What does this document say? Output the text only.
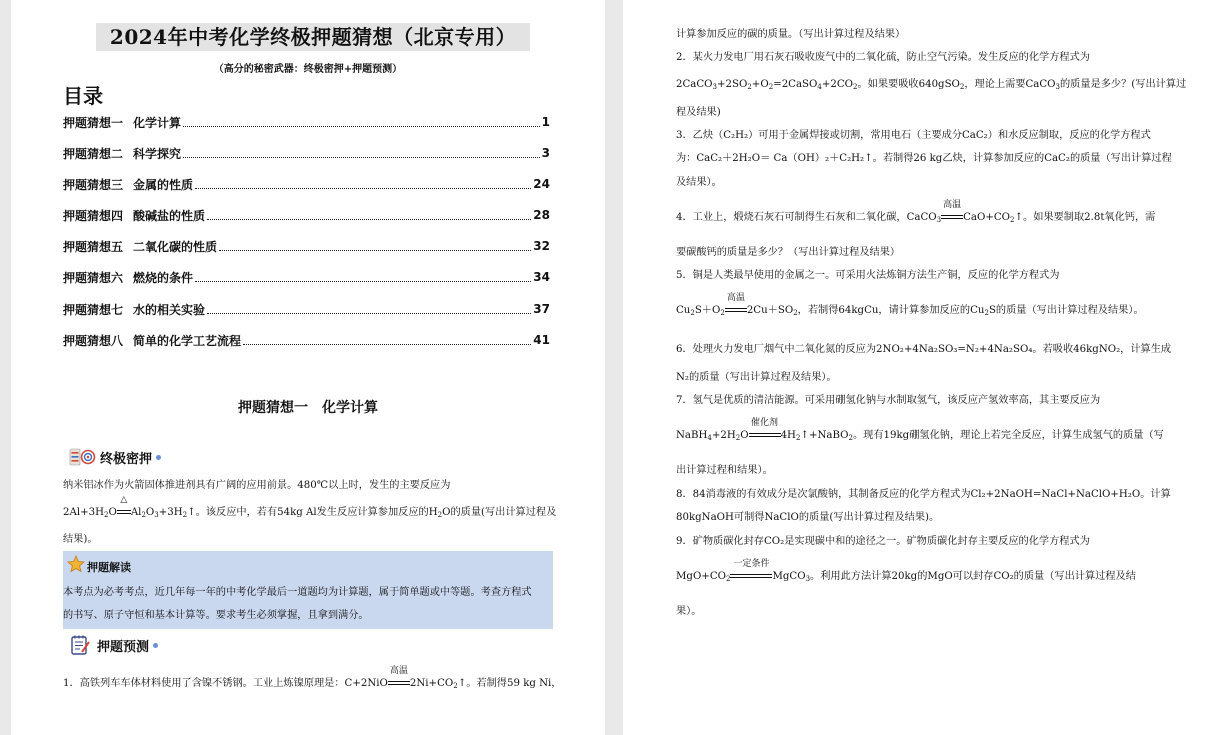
2024年中考化学终极押题猜想（北京专用）
（高分的秘密武器：终极密押+押题预测）
目录
押题猜想一 化学计算	1
押题猜想二 科学探究	3
押题猜想三 金属的性质	24
押题猜想四 酸碱盐的性质	28
押题猜想五 二氧化碳的性质	32
押题猜想六 燃烧的条件	34
押题猜想七 水的相关实验	37
押题猜想八 简单的化学工艺流程	41
押题猜想一　化学计算
终极密押
纳米铝冰作为火箭固体推进剂具有广阔的应用前景。480℃以上时，发生的主要反应为
$2Al+3H_2O$
△
$Al_2O_3+3H_2↑$。该反应中，若有54kg Al发生反应计算参加反应的$H_2O$的质量(写出计算过程及
结果)。
押题解读
本考点为必考考点，近几年每一年的中考化学最后一道题均为计算题，属于简单题或中等题。考查方程式
的书写、原子守恒和基本计算等。要求考生必须掌握，且拿到满分。
押题预测
1．高铁列车车体材料使用了含镍不锈钢。工业上炼镍原理是：C+2NiO
高温
$2Ni+CO_2↑$。若制得59 kg Ni，
计算参加反应的碳的质量。（写出计算过程及结果）
2．某火力发电厂用石灰石吸收废气中的二氧化硫，防止空气污染。发生反应的化学方程式为
$2CaCO_3+2SO_2+O_2=2CaSO_4+2CO_2$。如果要吸收640gSO$_2$，理论上需要CaCO$_3$的质量是多少？(写出计算过
程及结果)
3．乙炔（C₂H₂）可用于金属焊接或切割，常用电石（主要成分CaC₂）和水反应制取，反应的化学方程式
为：CaC₂＋2H₂O＝ Ca（OH）₂＋C₂H₂↑。若制得26 kg乙炔，计算参加反应的CaC₂的质量（写出计算过程
及结果）。
4．工业上，煅烧石灰石可制得生石灰和二氧化碳，CaCO$_3$
高温
$CaO+CO_2↑$。如果要制取2.8t氧化钙，需
要碳酸钙的质量是多少？（写出计算过程及结果）
5．铜是人类最早使用的金属之一。可采用火法炼铜方法生产铜，反应的化学方程式为
$Cu_2S+O_2$
高温
$2Cu+SO_2$，若制得64kgCu，请计算参加反应的$Cu_2S$的质量（写出计算过程及结果）。
6．处理火力发电厂烟气中二氧化氮的反应为2NO₂+4Na₂SO₃=N₂+4Na₂SO₄。若吸收46kgNO₂，计算生成
N₂的质量（写出计算过程及结果）。
7．氢气是优质的清洁能源。可采用硼氢化钠与水制取氢气，该反应产氢效率高，其主要反应为
$NaBH_4+2H_2O$
催化剂
$4H_2↑+NaBO_2$。现有19kg硼氢化钠，理论上若完全反应，计算生成氢气的质量（写
出计算过程和结果）。
8．84消毒液的有效成分是次氯酸钠，其制备反应的化学方程式为Cl₂+2NaOH=NaCl+NaClO+H₂O。计算
80kgNaOH可制得NaClO的质量(写出计算过程及结果)。
9．矿物质碳化封存CO₂是实现碳中和的途径之一。矿物质碳化封存主要反应的化学方程式为
$MgO+CO_2$
一定条件
MgCO$_3$。利用此方法计算20kg的MgO可以封存CO₂的质量（写出计算过程及结
果）。
